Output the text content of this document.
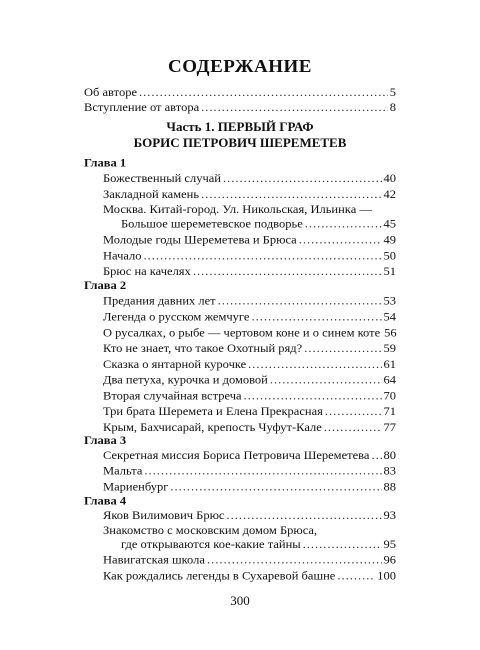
СОДЕРЖАНИЕ
Об авторе .....	5
Вступление от автора .....	8
Часть 1. ПЕРВЫЙ ГРАФ
БОРИС ПЕТРОВИЧ ШЕРЕМЕТЕВ
Глава 1
Божественный случай .....	40
Закладной камень .....	42
Москва. Китай-город. Ул. Никольская, Ильинка —
Большое шереметевское подворье .....	45
Молодые годы Шереметева и Брюса .....	49
Начало .....	50
Брюс на качелях .....	51
Глава 2
Предания давних лет .....	53
Легенда о русском жемчуге .....	54
О русалках, о рыбе — чертовом коне и о синем коте 56
Кто не знает, что такое Охотный ряд? .....	59
Сказка о янтарной курочке .....	61
Два петуха, курочка и домовой .....	64
Вторая случайная встреча .....	70
Три брата Шеремета и Елена Прекрасная .....	71
Крым, Бахчисарай, крепость Чуфут-Кале .....	77
Глава 3
Секретная миссия Бориса Петровича Шереметева ..... 80
Мальта .....	83
Мариенбург .....	88
Глава 4
Яков Вилимович Брюс .....	93
Знакомство с московским домом Брюса,
где открываются кое-какие тайны .....	95
Навигатская школа .....	96
Как рождались легенды в Сухаревой башне .....	100
300
